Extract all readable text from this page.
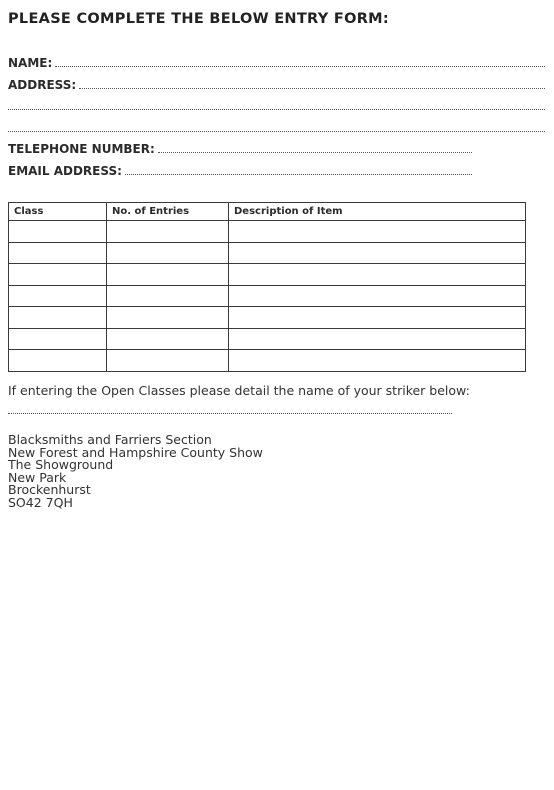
PLEASE COMPLETE THE BELOW ENTRY FORM:
NAME:
ADDRESS:
TELEPHONE NUMBER:
EMAIL ADDRESS:
Class	No. of Entries	Description of Item

If entering the Open Classes please detail the name of your striker below:
Blacksmiths and Farriers Section
New Forest and Hampshire County Show
The Showground
New Park
Brockenhurst
SO42 7QH
